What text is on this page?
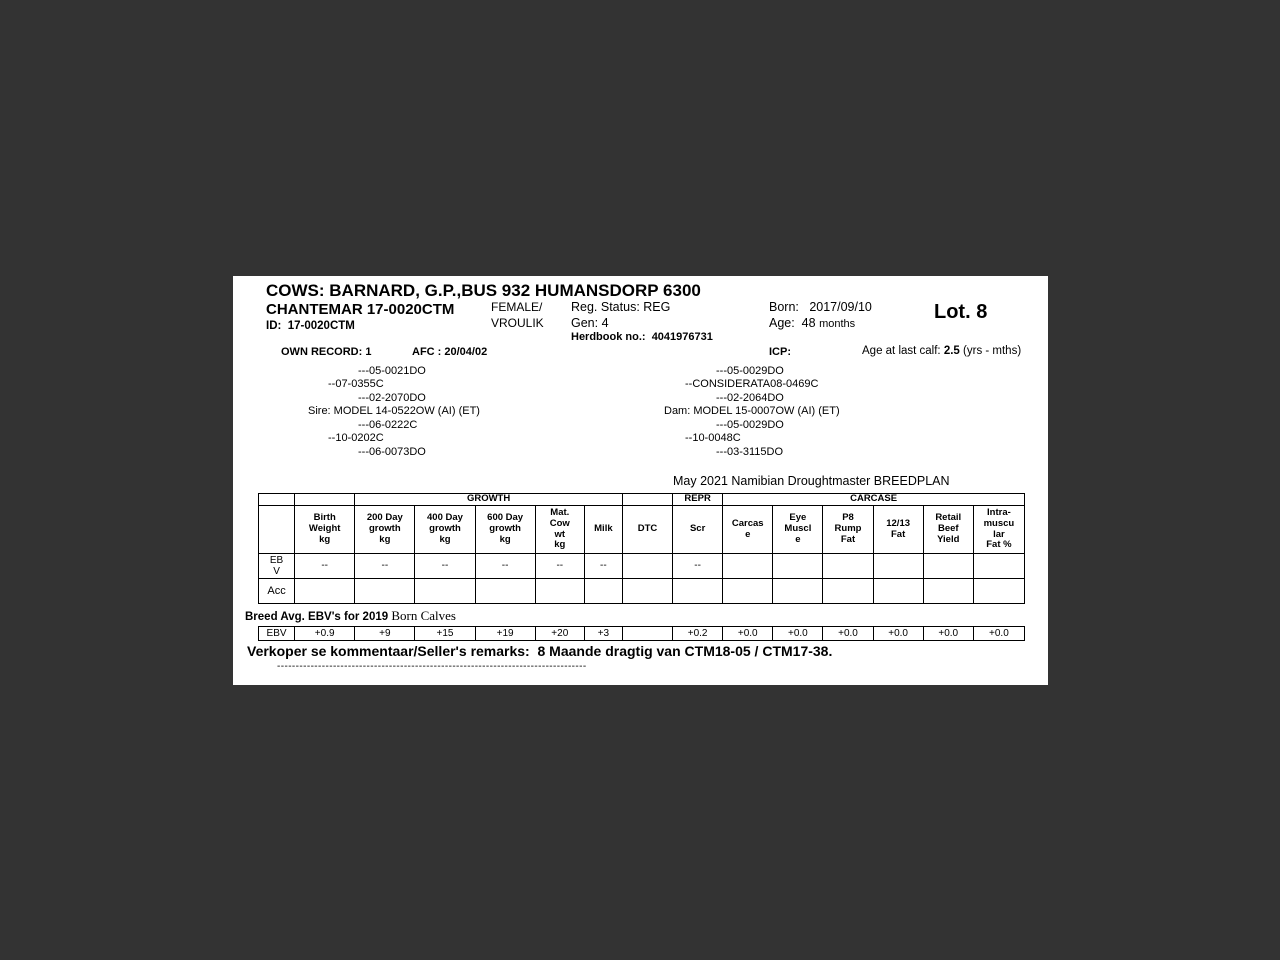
COWS: BARNARD, G.P.,BUS 932 HUMANSDORP 6300
CHANTEMAR 17-0020CTM
ID: 17-0020CTM
FEMALE/
VROULIK
Reg. Status: REG
Gen: 4
Herdbook no.: 4041976731
Born: 2017/09/10
Age: 48 months
Lot. 8
OWN RECORD: 1	AFC : 20/04/02	ICP:	Age at last calf: 2.5 (yrs - mths)
---05-0021DO
--07-0355C
---02-2070DO
Sire: MODEL 14-0522OW (AI) (ET)
---06-0222C
--10-0202C
---06-0073DO
---05-0029DO
--CONSIDERATA08-0469C
---02-2064DO
Dam: MODEL 15-0007OW (AI) (ET)
---05-0029DO
--10-0048C
---03-3115DO
May 2021 Namibian Droughtmaster BREEDPLAN
		GROWTH						REPR	CARCASE					
	Birth
Weight
kg	200 Day
growth
kg	400 Day
growth
kg	600 Day
growth
kg	Mat.
Cow
wt
kg	Milk	DTC	Scr	Carcas
e	Eye
Muscl
e	P8
Rump
Fat	12/13
Fat	Retail
Beef
Yield	Intra-
muscu
lar
Fat %
EB
V	--	--	--	--	--	--		--						
Acc														
Breed Avg. EBV's for 2019 Born Calves
EBV	+0.9	+9	+15	+19	+20	+3		+0.2	+0.0	+0.0	+0.0	+0.0	+0.0	+0.0
Verkoper se kommentaar/Seller's remarks: 8 Maande dragtig van CTM18-05 / CTM17-38.
-----------------------------------------------------------------------------------
